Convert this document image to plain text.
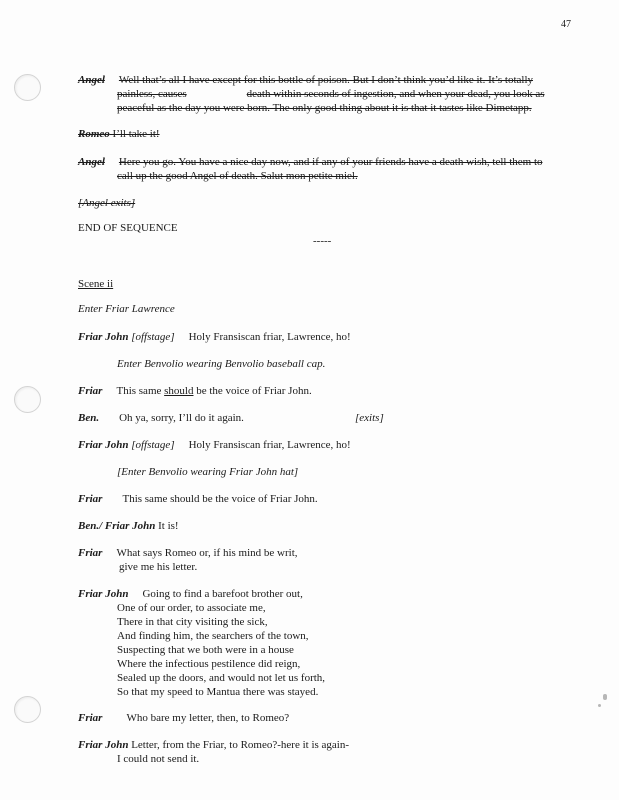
47
Angel Well that’s all I have except for this bottle of poison. But I don’t think you’d like it. It’s totally
painless, causes	death within seconds of ingestion, and when your dead, you look as
peaceful as the day you were born. The only good thing about it is that it tastes like Dimetapp.
Romeo I’ll take it!
Angel Here you go. You have a nice day now, and if any of your friends have a death wish, tell them to
call up the good Angel of death. Salut mon petite miel.
[Angel exits]
END OF SEQUENCE
-----
Scene ii
Enter Friar Lawrence
Friar John [offstage] Holy Fransiscan friar, Lawrence, ho!
Enter Benvolio wearing Benvolio baseball cap.
Friar This same should be the voice of Friar John.
Ben. Oh ya, sorry, I’ll do it again.	[exits]
Friar John [offstage] Holy Fransiscan friar, Lawrence, ho!
[Enter Benvolio wearing Friar John hat]
Friar This same should be the voice of Friar John.
Ben./ Friar John It is!
Friar What says Romeo or, if his mind be writ,
give me his letter.
Friar John Going to find a barefoot brother out,
One of our order, to associate me,
There in that city visiting the sick,
And finding him, the searchers of the town,
Suspecting that we both were in a house
Where the infectious pestilence did reign,
Sealed up the doors, and would not let us forth,
So that my speed to Mantua there was stayed.
Friar Who bare my letter, then, to Romeo?
Friar John Letter, from the Friar, to Romeo?-here it is again-
I could not send it.
